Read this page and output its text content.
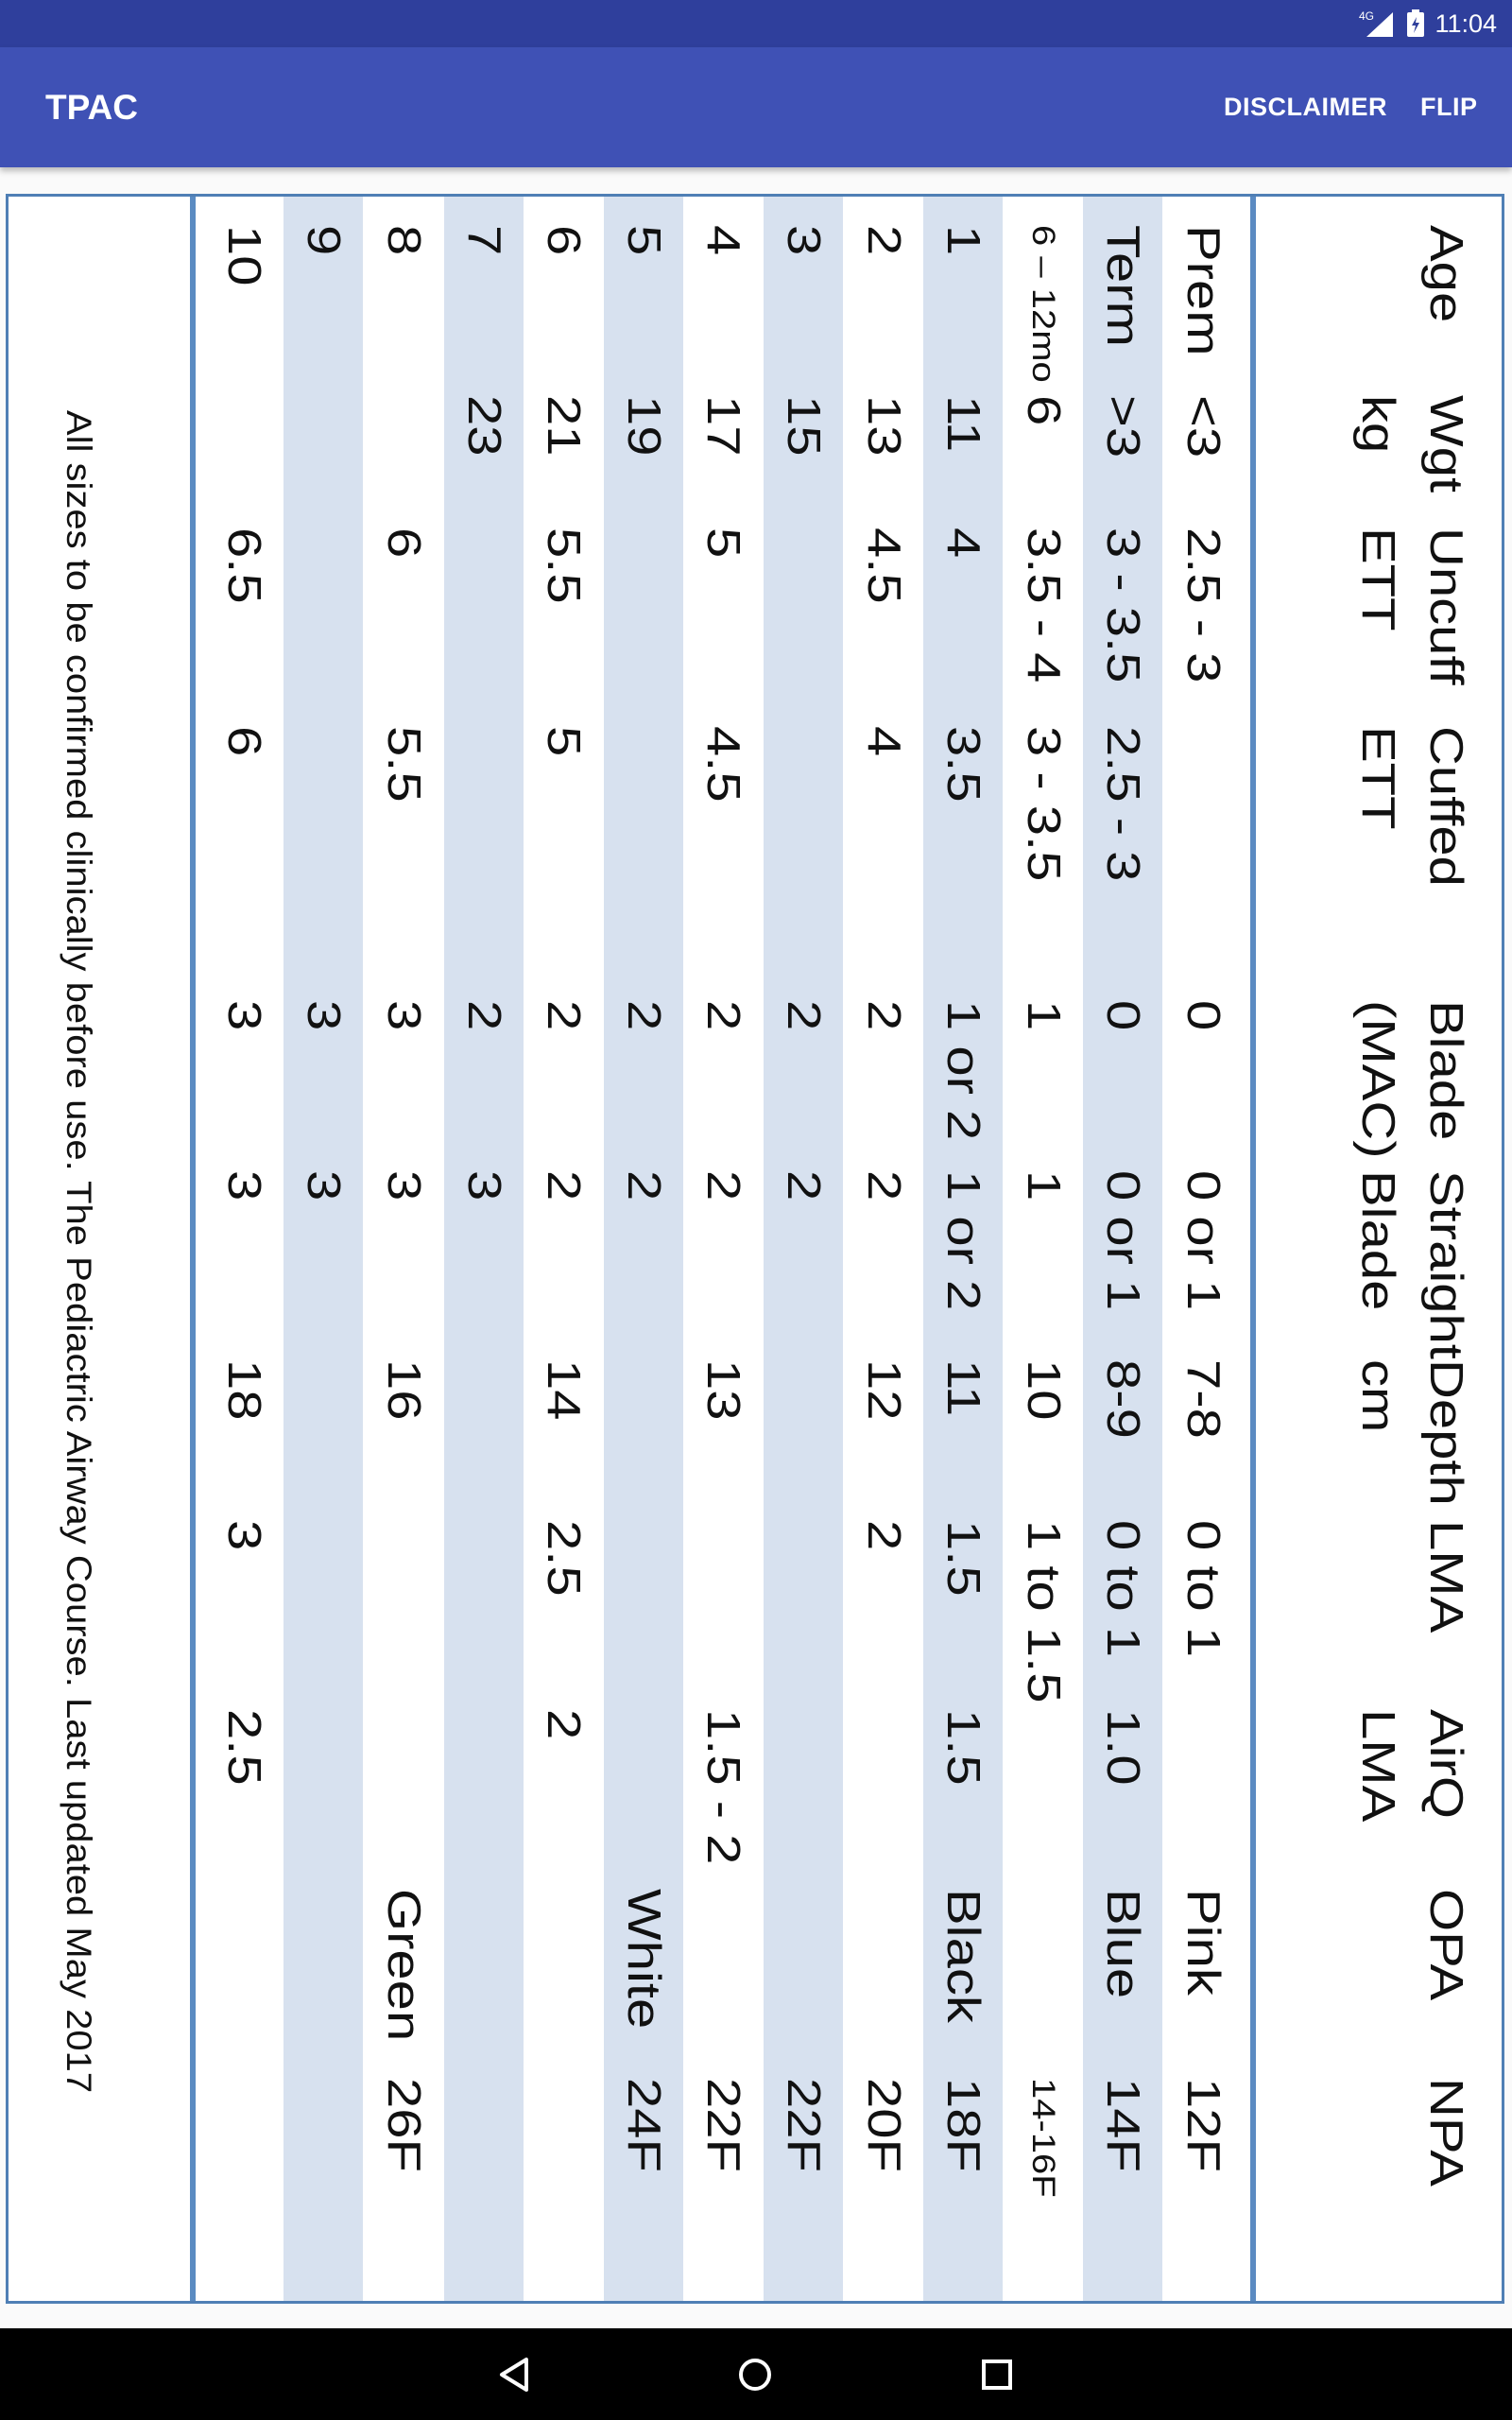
4G 11:04
TPAC	DISCLAIMER FLIP
Age
Wgt
kg
Uncuff
ETT
Cuffed
ETT
Blade
(MAC)
Straight
Blade
Depth
cm
LMA
AirQ
LMA
OPA
NPA
Prem
<3
2.5 - 3
0
0 or 1
7-8
0 to 1
Pink
12F
Term
>3
3 - 3.5
2.5 - 3
0
0 or 1
8-9
0 to 1
1.0
Blue
14F
6 – 12mo
6
3.5 - 4
3 - 3.5
1
1
10
1 to 1.5
14-16F
1
11
4
3.5
1 or 2
1 or 2
11
1.5
1.5
Black
18F
2
13
4.5
4
2
2
12
2
20F
3
15
2
2
22F
4
17
5
4.5
2
2
13
1.5 - 2
22F
5
19
2
2
White
24F
6
21
5.5
5
2
2
14
2.5
2
7
23
2
3
8
6
5.5
3
3
16
Green
26F
9
3
3
10
6.5
6
3
3
18
3
2.5
All sizes to be confirmed clinically before use. The Pediactric Airway Course. Last updated May 2017
